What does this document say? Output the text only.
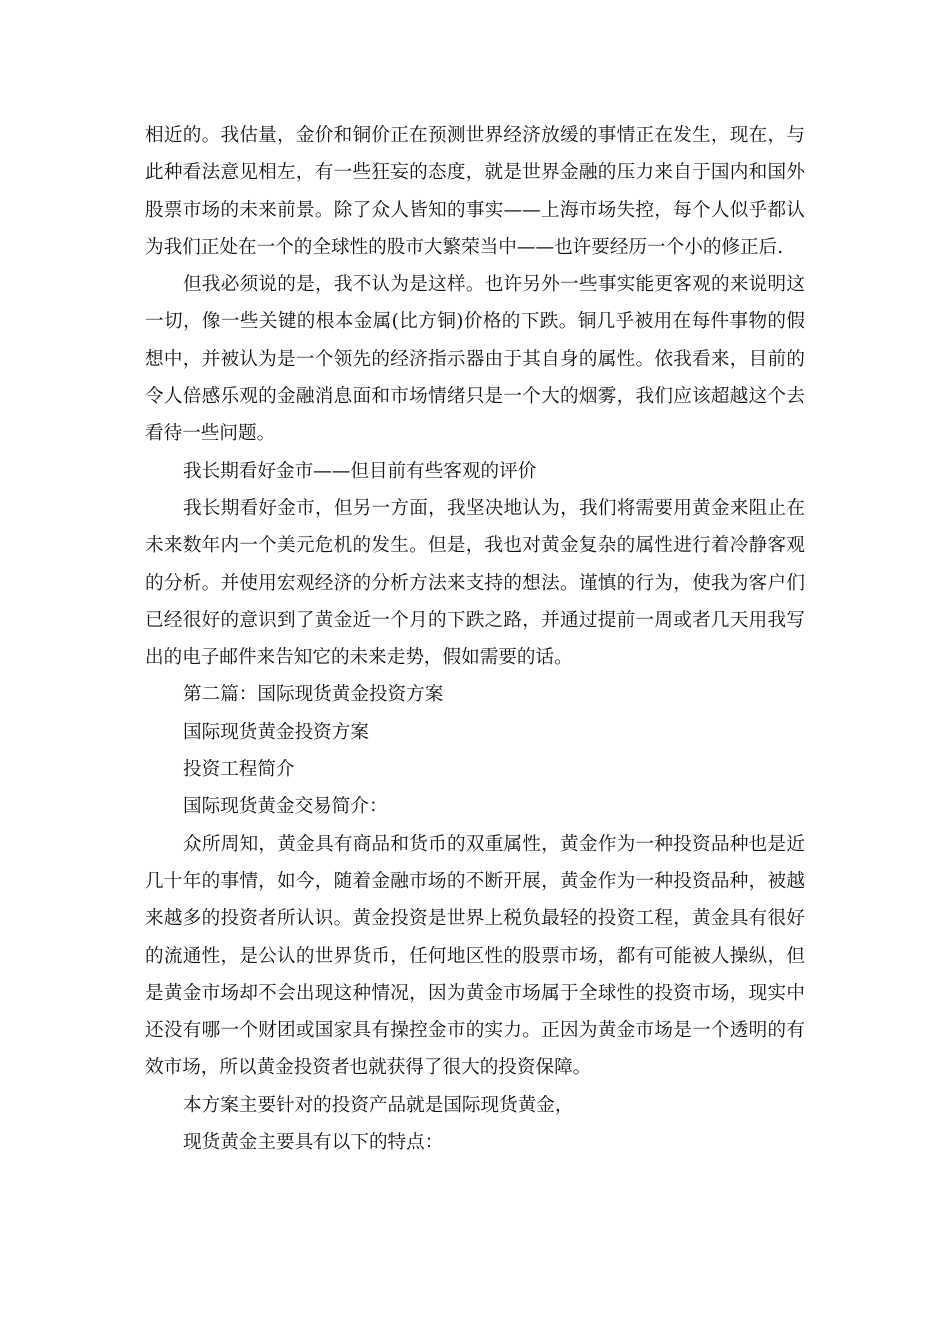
相近的。我估量，金价和铜价正在预测世界经济放缓的事情正在发生，现在，与此种看法意见相左，有一些狂妄的态度，就是世界金融的压力来自于国内和国外股票市场的未来前景。除了众人皆知的事实——上海市场失控，每个人似乎都认为我们正处在一个的全球性的股市大繁荣当中——也许要经历一个小的修正后.

但我必须说的是，我不认为是这样。也许另外一些事实能更客观的来说明这一切，像一些关键的根本金属(比方铜)价格的下跌。铜几乎被用在每件事物的假想中，并被认为是一个领先的经济指示器由于其自身的属性。依我看来，目前的令人倍感乐观的金融消息面和市场情绪只是一个大的烟雾，我们应该超越这个去看待一些问题。

我长期看好金市——但目前有些客观的评价

我长期看好金市，但另一方面，我坚决地认为，我们将需要用黄金来阻止在未来数年内一个美元危机的发生。但是，我也对黄金复杂的属性进行着冷静客观的分析。并使用宏观经济的分析方法来支持的想法。谨慎的行为，使我为客户们已经很好的意识到了黄金近一个月的下跌之路，并通过提前一周或者几天用我写出的电子邮件来告知它的未来走势，假如需要的话。

第二篇：国际现货黄金投资方案

国际现货黄金投资方案

投资工程简介

国际现货黄金交易简介：

众所周知，黄金具有商品和货币的双重属性，黄金作为一种投资品种也是近几十年的事情，如今，随着金融市场的不断开展，黄金作为一种投资品种，被越来越多的投资者所认识。黄金投资是世界上税负最轻的投资工程，黄金具有很好的流通性，是公认的世界货币，任何地区性的股票市场，都有可能被人操纵，但是黄金市场却不会出现这种情况，因为黄金市场属于全球性的投资市场，现实中还没有哪一个财团或国家具有操控金市的实力。正因为黄金市场是一个透明的有效市场，所以黄金投资者也就获得了很大的投资保障。

本方案主要针对的投资产品就是国际现货黄金，

现货黄金主要具有以下的特点：
